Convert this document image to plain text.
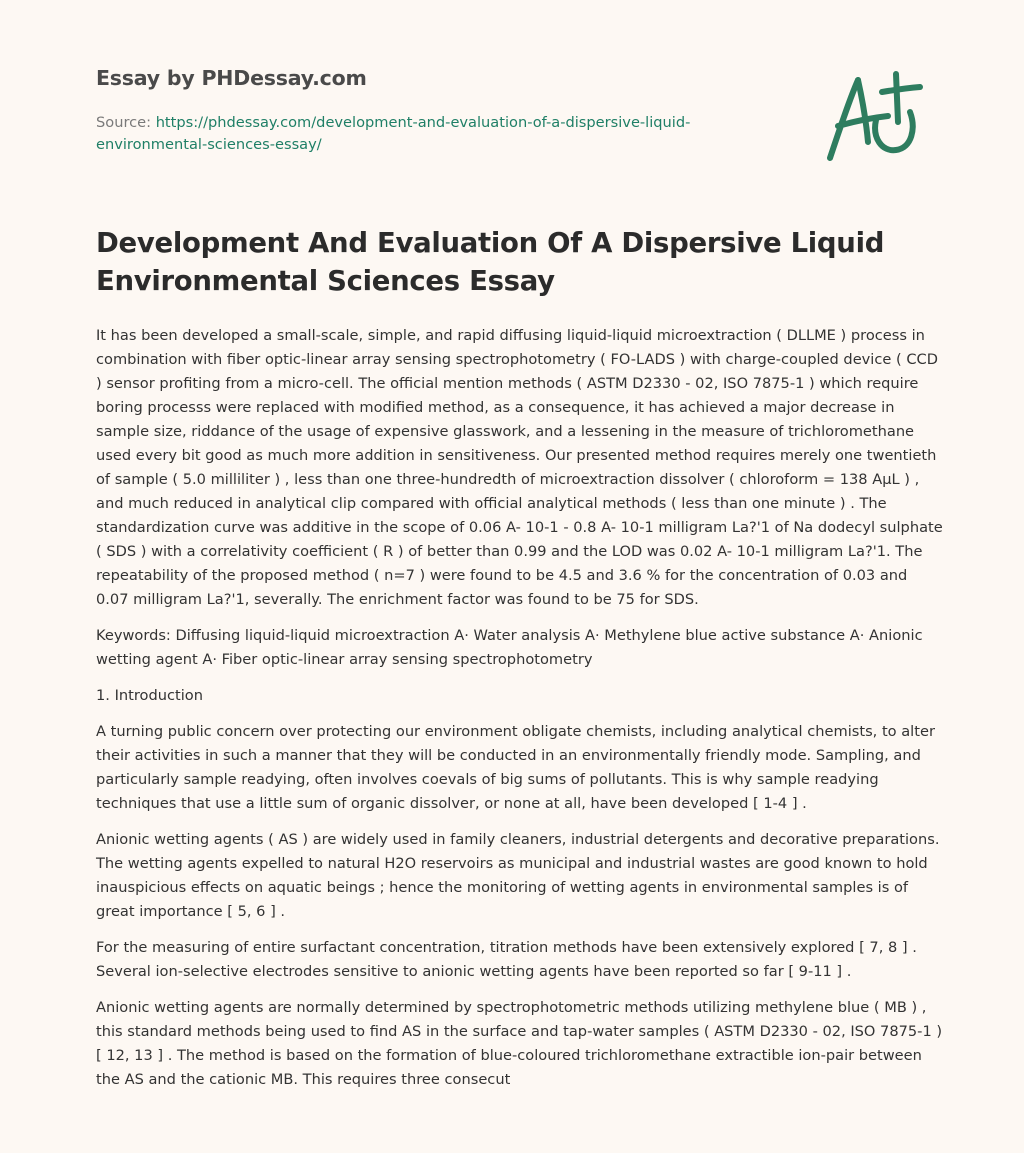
Essay by PHDessay.com
Source: https://phdessay.com/development-and-evaluation-of-a-dispersive-liquid-environmental-sciences-essay/
Development And Evaluation Of A Dispersive Liquid Environmental Sciences Essay

It has been developed a small-scale, simple, and rapid diffusing liquid-liquid microextraction ( DLLME ) process in combination with fiber optic-linear array sensing spectrophotometry ( FO-LADS ) with charge-coupled device ( CCD ) sensor profiting from a micro-cell. The official mention methods ( ASTM D2330 - 02, ISO 7875-1 ) which require boring processs were replaced with modified method, as a consequence, it has achieved a major decrease in sample size, riddance of the usage of expensive glasswork, and a lessening in the measure of trichloromethane used every bit good as much more addition in sensitiveness. Our presented method requires merely one twentieth of sample ( 5.0 milliliter ) , less than one three-hundredth of microextraction dissolver ( chloroform = 138 AµL ) , and much reduced in analytical clip compared with official analytical methods ( less than one minute ) . The standardization curve was additive in the scope of 0.06 A- 10-1 - 0.8 A- 10-1 milligram La?'1 of Na dodecyl sulphate ( SDS ) with a correlativity coefficient ( R ) of better than 0.99 and the LOD was 0.02 A- 10-1 milligram La?'1. The repeatability of the proposed method ( n=7 ) were found to be 4.5 and 3.6 % for the concentration of 0.03 and 0.07 milligram La?'1, severally. The enrichment factor was found to be 75 for SDS.

Keywords: Diffusing liquid-liquid microextraction A· Water analysis A· Methylene blue active substance A· Anionic wetting agent A· Fiber optic-linear array sensing spectrophotometry

1. Introduction

A turning public concern over protecting our environment obligate chemists, including analytical chemists, to alter their activities in such a manner that they will be conducted in an environmentally friendly mode. Sampling, and particularly sample readying, often involves coevals of big sums of pollutants. This is why sample readying techniques that use a little sum of organic dissolver, or none at all, have been developed [ 1-4 ] .

Anionic wetting agents ( AS ) are widely used in family cleaners, industrial detergents and decorative preparations. The wetting agents expelled to natural H2O reservoirs as municipal and industrial wastes are good known to hold inauspicious effects on aquatic beings ; hence the monitoring of wetting agents in environmental samples is of great importance [ 5, 6 ] .

For the measuring of entire surfactant concentration, titration methods have been extensively explored [ 7, 8 ] . Several ion-selective electrodes sensitive to anionic wetting agents have been reported so far [ 9-11 ] .

Anionic wetting agents are normally determined by spectrophotometric methods utilizing methylene blue ( MB ) , this standard methods being used to find AS in the surface and tap-water samples ( ASTM D2330 - 02, ISO 7875-1 ) [ 12, 13 ] . The method is based on the formation of blue-coloured trichloromethane extractible ion-pair between the AS and the cationic MB. This requires three consecut
